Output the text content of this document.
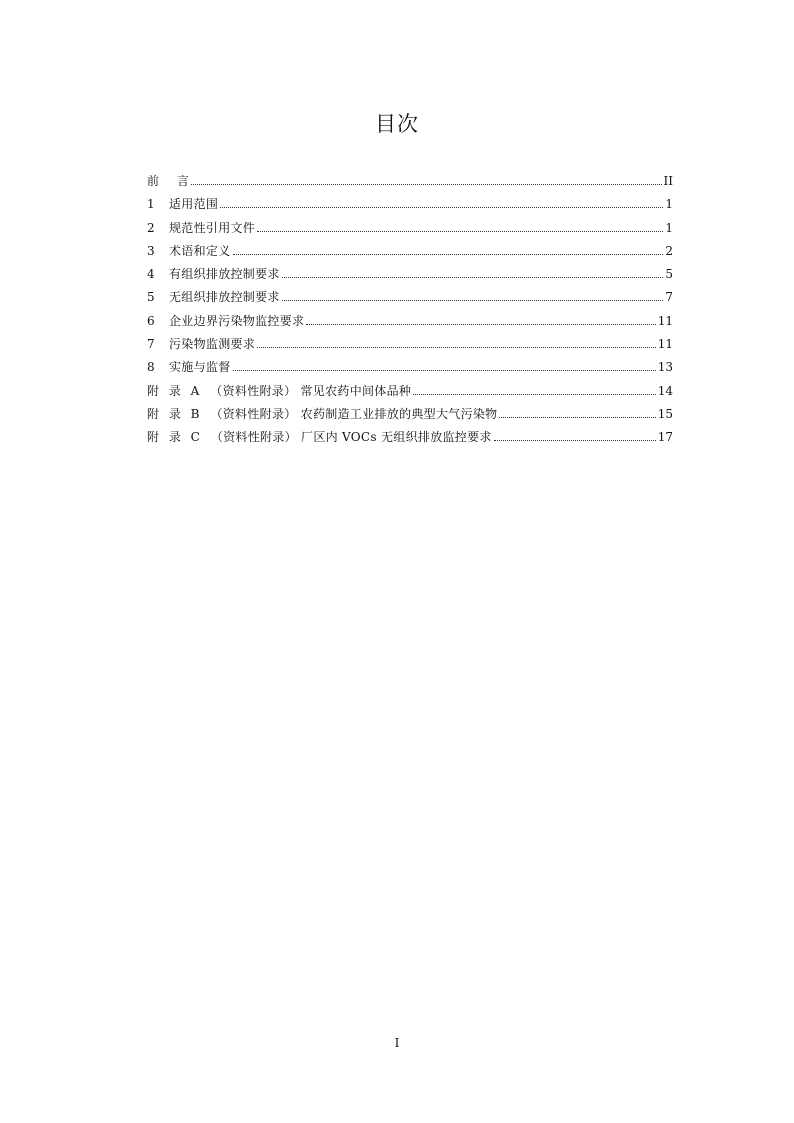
目次
前	言	II
1	适用范围	1
2	规范性引用文件	1
3	术语和定义	2
4	有组织排放控制要求	5
5	无组织排放控制要求	7
6	企业边界污染物监控要求	11
7	污染物监测要求	11
8	实施与监督	13
附 录 A （资料性附录） 常见农药中间体品种	14
附 录 B （资料性附录） 农药制造工业排放的典型大气污染物	15
附 录 C （资料性附录） 厂区内 VOCs 无组织排放监控要求	17
I
